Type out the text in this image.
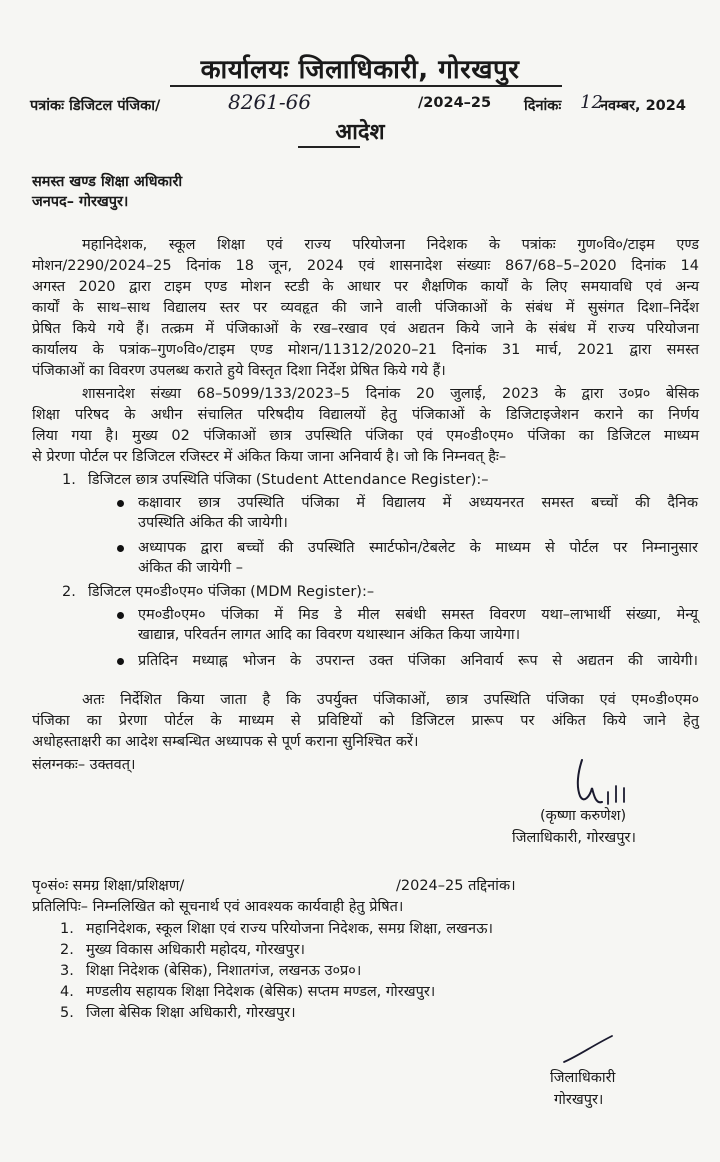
कार्यालयः जिलाधिकारी, गोरखपुर
पत्रांकः डिजिटल पंजिका/	8261-66	/2024–25 दिनांकः 12
नवम्बर, 2024
आदेश
समस्त खण्ड शिक्षा अधिकारी
जनपद– गोरखपुर।
महानिदेशक, स्कूल शिक्षा एवं राज्य परियोजना निदेशक के पत्रांकः गुण०वि०/टाइम एण्ड
मोशन/2290/2024–25 दिनांक 18 जून, 2024 एवं शासनादेश संख्याः 867/68–5–2020 दिनांक 14
अगस्त 2020 द्वारा टाइम एण्ड मोशन स्टडी के आधार पर शैक्षणिक कार्यों के लिए समयावधि एवं अन्य
कार्यों के साथ–साथ विद्यालय स्तर पर व्यवहृत की जाने वाली पंजिकाओं के संबंध में सुसंगत दिशा–निर्देश
प्रेषित किये गये हैं। तत्क्रम में पंजिकाओं के रख–रखाव एवं अद्यतन किये जाने के संबंध में राज्य परियोजना
कार्यालय के पत्रांक–गुण०वि०/टाइम एण्ड मोशन/11312/2020–21 दिनांक 31 मार्च, 2021 द्वारा समस्त
पंजिकाओं का विवरण उपलब्ध कराते हुये विस्तृत दिशा निर्देश प्रेषित किये गये हैं।
शासनादेश संख्या 68–5099/133/2023–5 दिनांक 20 जुलाई, 2023 के द्वारा उ०प्र० बेसिक
शिक्षा परिषद के अधीन संचालित परिषदीय विद्यालयों हेतु पंजिकाओं के डिजिटाइजेशन कराने का निर्णय
लिया गया है। मुख्य 02 पंजिकाओं छात्र उपस्थिति पंजिका एवं एम०डी०एम० पंजिका का डिजिटल माध्यम
से प्रेरणा पोर्टल पर डिजिटल रजिस्टर में अंकित किया जाना अनिवार्य है। जो कि निम्नवत् हैः–
1. डिजिटल छात्र उपस्थिति पंजिका (Student Attendance Register):–
कक्षावार छात्र उपस्थिति पंजिका में विद्यालय में अध्ययनरत समस्त बच्चों की दैनिक
उपस्थिति अंकित की जायेगी।
अध्यापक द्वारा बच्चों की उपस्थिति स्मार्टफोन/टेबलेट के माध्यम से पोर्टल पर निम्नानुसार
अंकित की जायेगी –
2. डिजिटल एम०डी०एम० पंजिका (MDM Register):–
एम०डी०एम० पंजिका में मिड डे मील सबंधी समस्त विवरण यथा–लाभार्थी संख्या, मेन्यू
खाद्यान्न, परिवर्तन लागत आदि का विवरण यथास्थान अंकित किया जायेगा।
प्रतिदिन मध्याह्न भोजन के उपरान्त उक्त पंजिका अनिवार्य रूप से अद्यतन की जायेगी।
अतः निर्देशित किया जाता है कि उपर्युक्त पंजिकाओं, छात्र उपस्थिति पंजिका एवं एम०डी०एम०
पंजिका का प्रेरणा पोर्टल के माध्यम से प्रविष्टियों को डिजिटल प्रारूप पर अंकित किये जाने हेतु
अधोहस्ताक्षरी का आदेश सम्बन्धित अध्यापक से पूर्ण कराना सुनिश्चित करें।
संलग्नकः– उक्तवत्।
(कृष्णा करुणेश)
जिलाधिकारी, गोरखपुर।
पृ०सं०ः समग्र शिक्षा/प्रशिक्षण/	/2024–25 तद्दिनांक।
प्रतिलिपिः– निम्नलिखित को सूचनार्थ एवं आवश्यक कार्यवाही हेतु प्रेषित।
1. महानिदेशक, स्कूल शिक्षा एवं राज्य परियोजना निदेशक, समग्र शिक्षा, लखनऊ।
2. मुख्य विकास अधिकारी महोदय, गोरखपुर।
3. शिक्षा निदेशक (बेसिक), निशातगंज, लखनऊ उ०प्र०।
4. मण्डलीय सहायक शिक्षा निदेशक (बेसिक) सप्तम मण्डल, गोरखपुर।
5. जिला बेसिक शिक्षा अधिकारी, गोरखपुर।
जिलाधिकारी
गोरखपुर।
